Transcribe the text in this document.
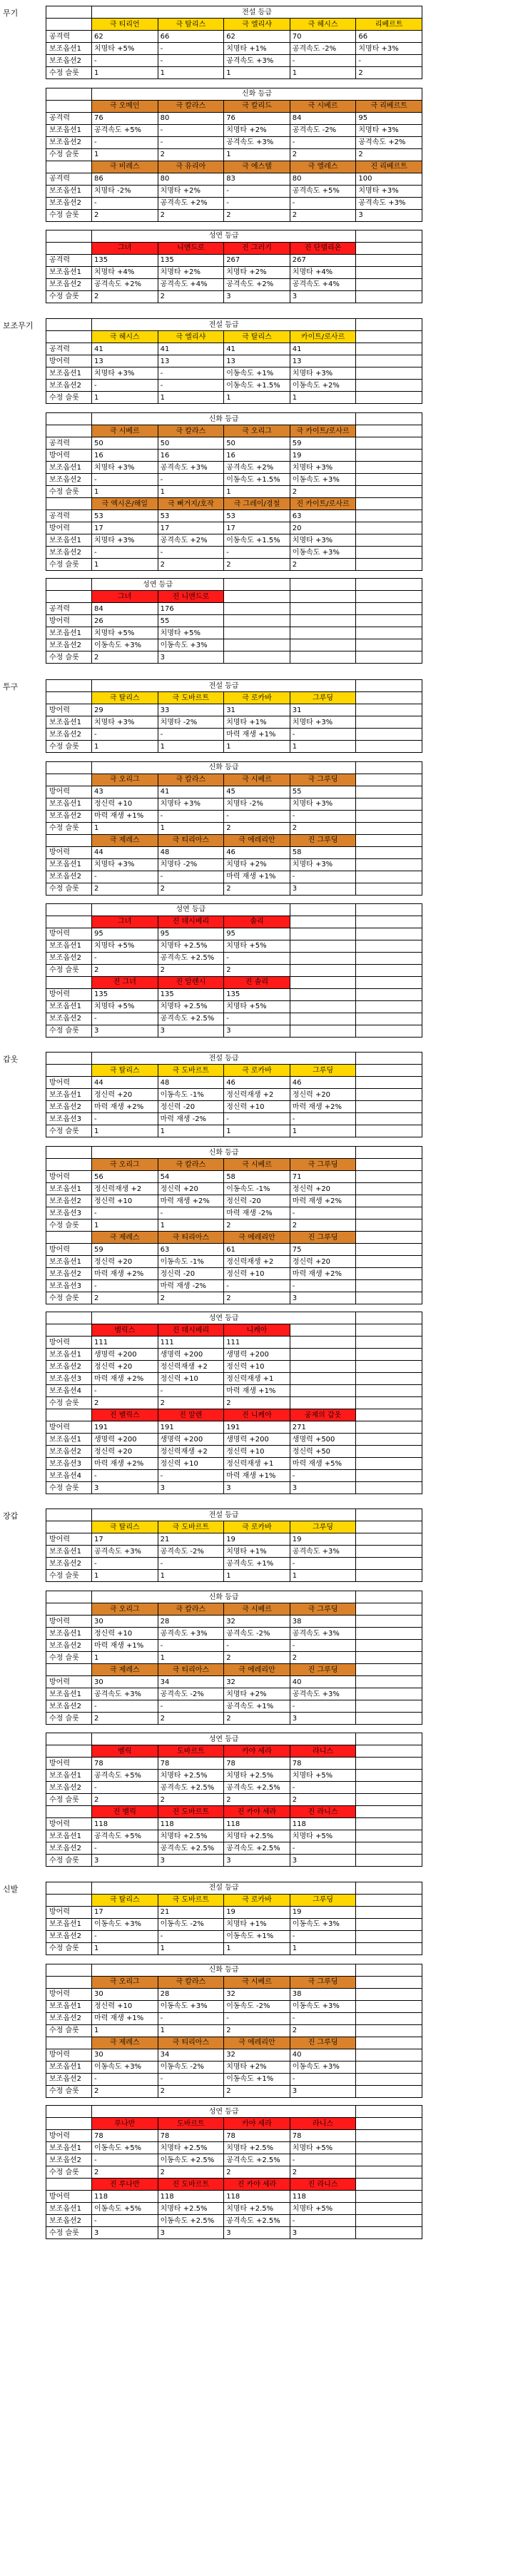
무기
		전설 등급				
	극 티리언	극 탈리스	극 엘리샤	극 헤시스	리베르트
공격력	62	66	62	70	66
보조옵션1	치명타 +5%	-	치명타 +1%	공격속도 -2%	치명타 +3%
보조옵션2	-	-	공격속도 +3%	-	-
수정 슬롯	1	1	1	1	2
	신화 등급				
	극 오메인	극 칼라스	극 칼리드	극 시베르	극 리베르트
공격력	76	80	76	84	95
보조옵션1	공격속도 +5%	-	치명타 +2%	공격속도 -2%	치명타 +3%
보조옵션2	-	-	공격속도 +3%	-	공격속도 +2%
수정 슬롯	1	2	1	2	2
	극 비레스	극 유리아	극 에스텔	극 엘레스	진 리베르트
공격력	86	80	83	80	100
보조옵션1	치명타 -2%	치명타 +2%	-	공격속도 +5%	치명타 +3%
보조옵션2	-	공격속도 +2%	-	-	공격속도 +3%
수정 슬롯	2	2	2	2	3
	성연 등급				
	그녀	니앤드로	진 그러기	진 단델리온	
공격력	135	135	267	267	
보조옵션1	치명타 +4%	치명타 +2%	치명타 +2%	치명타 +4%	
보조옵션2	공격속도 +2%	공격속도 +4%	공격속도 +2%	공격속도 +4%	
수정 슬롯	2	2	3	3	
보조무기
		전설 등급				
	극 헤시스	극 엘리샤	극 탈리스	카이트/로사르	
공격력	41	41	41	41	
방어력	13	13	13	13	
보조옵션1	치명타 +3%	-	이동속도 +1%	치명타 +3%	
보조옵션2	-	-	이동속도 +1.5%	이동속도 +2%	
수정 슬롯	1	1	1	1	
	신화 등급				
	극 시베르	극 칼라스	극 오리그	극 카이트/로사르	
공격력	50	50	50	59	
방어력	16	16	16	19	
보조옵션1	치명타 +3%	공격속도 +3%	공격속도 +2%	치명타 +3%	
보조옵션2	-	-	이동속도 +1.5%	이동속도 +3%	
수정 슬롯	1	1	1	2	
	극 엑시온/해일	극 뻐거지/호작	극 그레이/경철	진 카이트/로사르	
공격력	53	53	53	63	
방어력	17	17	17	20	
보조옵션1	치명타 +3%	공격속도 +2%	이동속도 +1.5%	치명타 +3%	
보조옵션2	-	-	-	이동속도 +3%	
수정 슬롯	1	2	2	2	
	성연 등급				
	그녀	진 니앤드로			
공격력	84	176			
방어력	26	55			
보조옵션1	치명타 +5%	치명타 +5%			
보조옵션2	이동속도 +3%	이동속도 +3%			
수정 슬롯	2	3			
투구
		전설 등급				
	극 탈리스	극 도바르트	극 로카바	그루딩	
방어력	29	33	31	31	
보조옵션1	치명타 +3%	치명타 -2%	치명타 +1%	치명타 +3%	
보조옵션2	-	-	마력 재생 +1%	-	
수정 슬롯	1	1	1	1	
	신화 등급				
	극 오리그	극 칼라스	극 시베르	극 그루딩	
방어력	43	41	45	55	
보조옵션1	정신력 +10	치명타 +3%	치명타 -2%	치명타 +3%	
보조옵션2	마력 재생 +1%	-	-	-	
수정 슬롯	1	1	2	2	
	극 제레스	극 티리아스	극 에레리안	진 그루딩	
방어력	44	48	46	58	
보조옵션1	치명타 +3%	치명타 -2%	치명타 +2%	치명타 +3%	
보조옵션2	-	-	마력 재생 +1%	-	
수정 슬롯	2	2	2	3	
	성연 등급				
	그녀	진 데시베리	솔리		
방어력	95	95	95		
보조옵션1	치명타 +5%	치명타 +2.5%	치명타 +5%		
보조옵션2	-	공격속도 +2.5%	-		
수정 슬롯	2	2	2		
	진 그녀	진 알렌시	진 솔리		
방어력	135	135	135		
보조옵션1	치명타 +5%	치명타 +2.5%	치명타 +5%		
보조옵션2	-	공격속도 +2.5%	-		
수정 슬롯	3	3	3		
갑옷
		전설 등급				
	극 탈리스	극 도바르트	극 로카바	그루딩	
방어력	44	48	46	46	
보조옵션1	정신력 +20	이동속도 -1%	정신력재생 +2	정신력 +20	
보조옵션2	마력 재생 +2%	정신력 -20	정신력 +10	마력 재생 +2%	
보조옵션3	-	마력 재생 -2%	-	-	
수정 슬롯	1	1	1	1	
	신화 등급				
	극 오리그	극 칼라스	극 시베르	극 그루딩	
방어력	56	54	58	71	
보조옵션1	정신력재생 +2	정신력 +20	이동속도 -1%	정신력 +20	
보조옵션2	정신력 +10	마력 재생 +2%	정신력 -20	마력 재생 +2%	
보조옵션3	-	-	마력 재생 -2%	-	
수정 슬롯	1	1	2	2	
	극 제레스	극 티리아스	극 에레리안	진 그루딩	
방어력	59	63	61	75	
보조옵션1	정신력 +20	이동속도 -1%	정신력재생 +2	정신력 +20	
보조옵션2	마력 재생 +2%	정신력 -20	정신력 +10	마력 재생 +2%	
보조옵션3	-	마력 재생 -2%	-	-	
수정 슬롯	2	2	2	3	
	성연 등급				
	벨릭스	진 데시베리	니케아		
방어력	111	111	111		
보조옵션1	생명력 +200	생명력 +200	생명력 +200		
보조옵션2	정신력 +20	정신력재생 +2	정신력 +10		
보조옵션3	마력 재생 +2%	정신력 +10	정신력재생 +1		
보조옵션4	-	-	마력 재생 +1%		
수정 슬롯	2	2	2		
	진 벨릭스	진 알렌	진 니케아	공제의 갑옷	
방어력	191	191	191	271	
보조옵션1	생명력 +200	생명력 +200	생명력 +200	생명력 +500	
보조옵션2	정신력 +20	정신력재생 +2	정신력 +10	정신력 +50	
보조옵션3	마력 재생 +2%	정신력 +10	정신력재생 +1	마력 재생 +5%	
보조옵션4	-	-	마력 재생 +1%	-	
수정 슬롯	3	3	3	3	
장갑
		전설 등급				
	극 탈리스	극 도바르트	극 로카바	그루딩	
방어력	17	21	19	19	
보조옵션1	공격속도 +3%	공격속도 -2%	치명타 +1%	공격속도 +3%	
보조옵션2	-	-	공격속도 +1%	-	
수정 슬롯	1	1	1	1	
	신화 등급				
	극 오리그	극 칼라스	극 시베르	극 그루딩	
방어력	30	28	32	38	
보조옵션1	정신력 +10	공격속도 +3%	공격속도 -2%	공격속도 +3%	
보조옵션2	마력 재생 +1%	-	-	-	
수정 슬롯	1	1	2	2	
	극 제레스	극 티리아스	극 에레리안	진 그루딩	
방어력	30	34	32	40	
보조옵션1	공격속도 +3%	공격속도 -2%	치명타 +2%	공격속도 +3%	
보조옵션2	-	-	공격속도 +1%	-	
수정 슬롯	2	2	2	3	
	성연 등급				
	벨릭	도바르트	카야 세라	라니스	
방어력	78	78	78	78	
보조옵션1	공격속도 +5%	치명타 +2.5%	치명타 +2.5%	치명타 +5%	
보조옵션2	-	공격속도 +2.5%	공격속도 +2.5%	-	
수정 슬롯	2	2	2	2	
	진 벨릭	진 도바르트	진 카야 세라	진 라니스	
방어력	118	118	118	118	
보조옵션1	공격속도 +5%	치명타 +2.5%	치명타 +2.5%	치명타 +5%	
보조옵션2	-	공격속도 +2.5%	공격속도 +2.5%	-	
수정 슬롯	3	3	3	3	
신발
		전설 등급				
	극 탈리스	극 도바르트	극 로카바	그루딩	
방어력	17	21	19	19	
보조옵션1	이동속도 +3%	이동속도 -2%	치명타 +1%	이동속도 +3%	
보조옵션2	-	-	이동속도 +1%	-	
수정 슬롯	1	1	1	1	
	신화 등급				
	극 오리그	극 칼라스	극 시베르	극 그루딩	
방어력	30	28	32	38	
보조옵션1	정신력 +10	이동속도 +3%	이동속도 -2%	이동속도 +3%	
보조옵션2	마력 재생 +1%	-	-	-	
수정 슬롯	1	1	2	2	
	극 제레스	극 티리아스	극 에레리안	진 그루딩	
방어력	30	34	32	40	
보조옵션1	이동속도 +3%	이동속도 -2%	치명타 +2%	이동속도 +3%	
보조옵션2	-	-	이동속도 +1%	-	
수정 슬롯	2	2	2	3	
	성연 등급				
	루나반	도바르트	카야 세라	라니스	
방어력	78	78	78	78	
보조옵션1	이동속도 +5%	치명타 +2.5%	치명타 +2.5%	치명타 +5%	
보조옵션2	-	이동속도 +2.5%	공격속도 +2.5%	-	
수정 슬롯	2	2	2	2	
	진 루나반	진 도바르트	진 카야 세라	진 라니스	
방어력	118	118	118	118	
보조옵션1	이동속도 +5%	치명타 +2.5%	치명타 +2.5%	치명타 +5%	
보조옵션2	-	이동속도 +2.5%	공격속도 +2.5%	-	
수정 슬롯	3	3	3	3	
